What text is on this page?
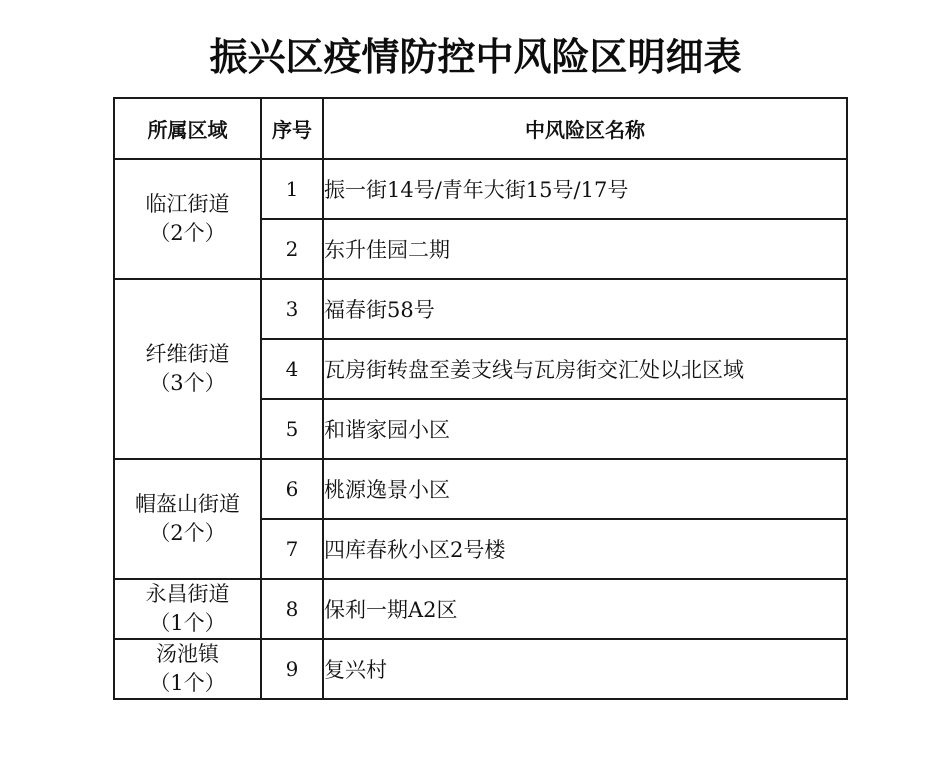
振兴区疫情防控中风险区明细表
所属区域	序号	中风险区名称

临江街道
（2个）	1	振一街14号/青年大街15号/17号
	2	东升佳园二期

纤维街道
（3个）	3	福春街58号
	4	瓦房街转盘至姜支线与瓦房街交汇处以北区域
	5	和谐家园小区

帽盔山街道
（2个）	6	桃源逸景小区
	7	四库春秋小区2号楼

永昌街道
（1个）	8	保利一期A2区

汤池镇
（1个）	9	复兴村
